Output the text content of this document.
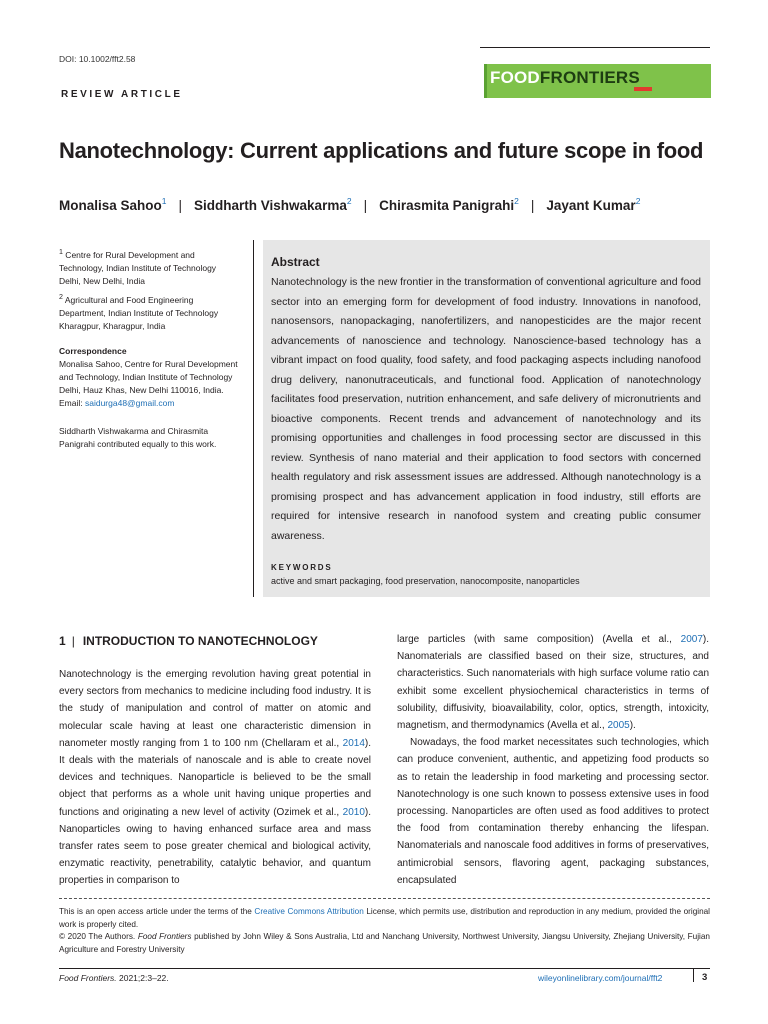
DOI: 10.1002/fft2.58
FOODFRONTIERS
REVIEW ARTICLE
Nanotechnology: Current applications and future scope in food
Monalisa Sahoo$^1$ | Siddharth Vishwakarma$^2$ | Chirasmita Panigrahi$^2$ | Jayant Kumar$^2$

$^1$ Centre for Rural Development and Technology, Indian Institute of Technology Delhi, New Delhi, India

$^2$ Agricultural and Food Engineering Department, Indian Institute of Technology Kharagpur, Kharagpur, India

Correspondence

Monalisa Sahoo, Centre for Rural Development and Technology, Indian Institute of Technology Delhi, Hauz Khas, New Delhi 110016, India.
Email: saidurga48@gmail.com

Siddharth Vishwakarma and Chirasmita Panigrahi contributed equally to this work.
Abstract
Nanotechnology is the new frontier in the transformation of conventional agriculture and food sector into an emerging form for development of food industry. Innovations in nanofood, nanosensors, nanopackaging, nanofertilizers, and nanopesticides are the major recent advancements of nanoscience and technology. Nanoscience-based technology has a vibrant impact on food quality, food safety, and food packaging aspects including nanofood drug delivery, nanonutraceuticals, and functional food. Application of nanotechnology facilitates food preservation, nutrition enhancement, and safe delivery of micronutrients and bioactive components. Recent trends and advancement of nanotechnology and its promising opportunities and challenges in food processing sector are discussed in this review. Synthesis of nano material and their application to food sectors with concerned health regulatory and risk assessment issues are addressed. Although nanotechnology is a promising prospect and has advancement application in food industry, still efforts are required for intensive research in nanofood system and creating public consumer awareness.
KEYWORDS
active and smart packaging, food preservation, nanocomposite, nanoparticles
1 | INTRODUCTION TO NANOTECHNOLOGY

Nanotechnology is the emerging revolution having great potential in every sectors from mechanics to medicine including food industry. It is the study of manipulation and control of matter on atomic and molecular scale having at least one characteristic dimension in nanometer mostly ranging from 1 to 100 nm (Chellaram et al., 2014). It deals with the materials of nanoscale and is able to create novel devices and techniques. Nanoparticle is believed to be the small object that performs as a whole unit having unique properties and functions and originating a new level of activity (Ozimek et al., 2010). Nanoparticles owing to having enhanced surface area and mass transfer rates seem to pose greater chemical and biological activity, enzymatic reactivity, penetrability, catalytic behavior, and quantum properties in comparison to

large particles (with same composition) (Avella et al., 2007). Nanomaterials are classified based on their size, structures, and characteristics. Such nanomaterials with high surface volume ratio can exhibit some excellent physiochemical characteristics in terms of solubility, diffusivity, bioavailability, color, optics, strength, intoxicity, magnetism, and thermodynamics (Avella et al., 2005).

Nowadays, the food market necessitates such technologies, which can produce convenient, authentic, and appetizing food products so as to retain the leadership in food marketing and processing sector. Nanotechnology is one such known to possess extensive uses in food processing. Nanoparticles are often used as food additives to protect the food from contamination thereby enhancing the lifespan. Nanomaterials and nanoscale food additives in forms of preservatives, antimicrobial sensors, flavoring agent, packaging substances, encapsulated

This is an open access article under the terms of the Creative Commons Attribution License, which permits use, distribution and reproduction in any medium, provided the original work is properly cited.

© 2020 The Authors. Food Frontiers published by John Wiley & Sons Australia, Ltd and Nanchang University, Northwest University, Jiangsu University, Zhejiang University, Fujian Agriculture and Forestry University

Food Frontiers. 2021;2:3–22.	wileyonlinelibrary.com/journal/fft2	3
